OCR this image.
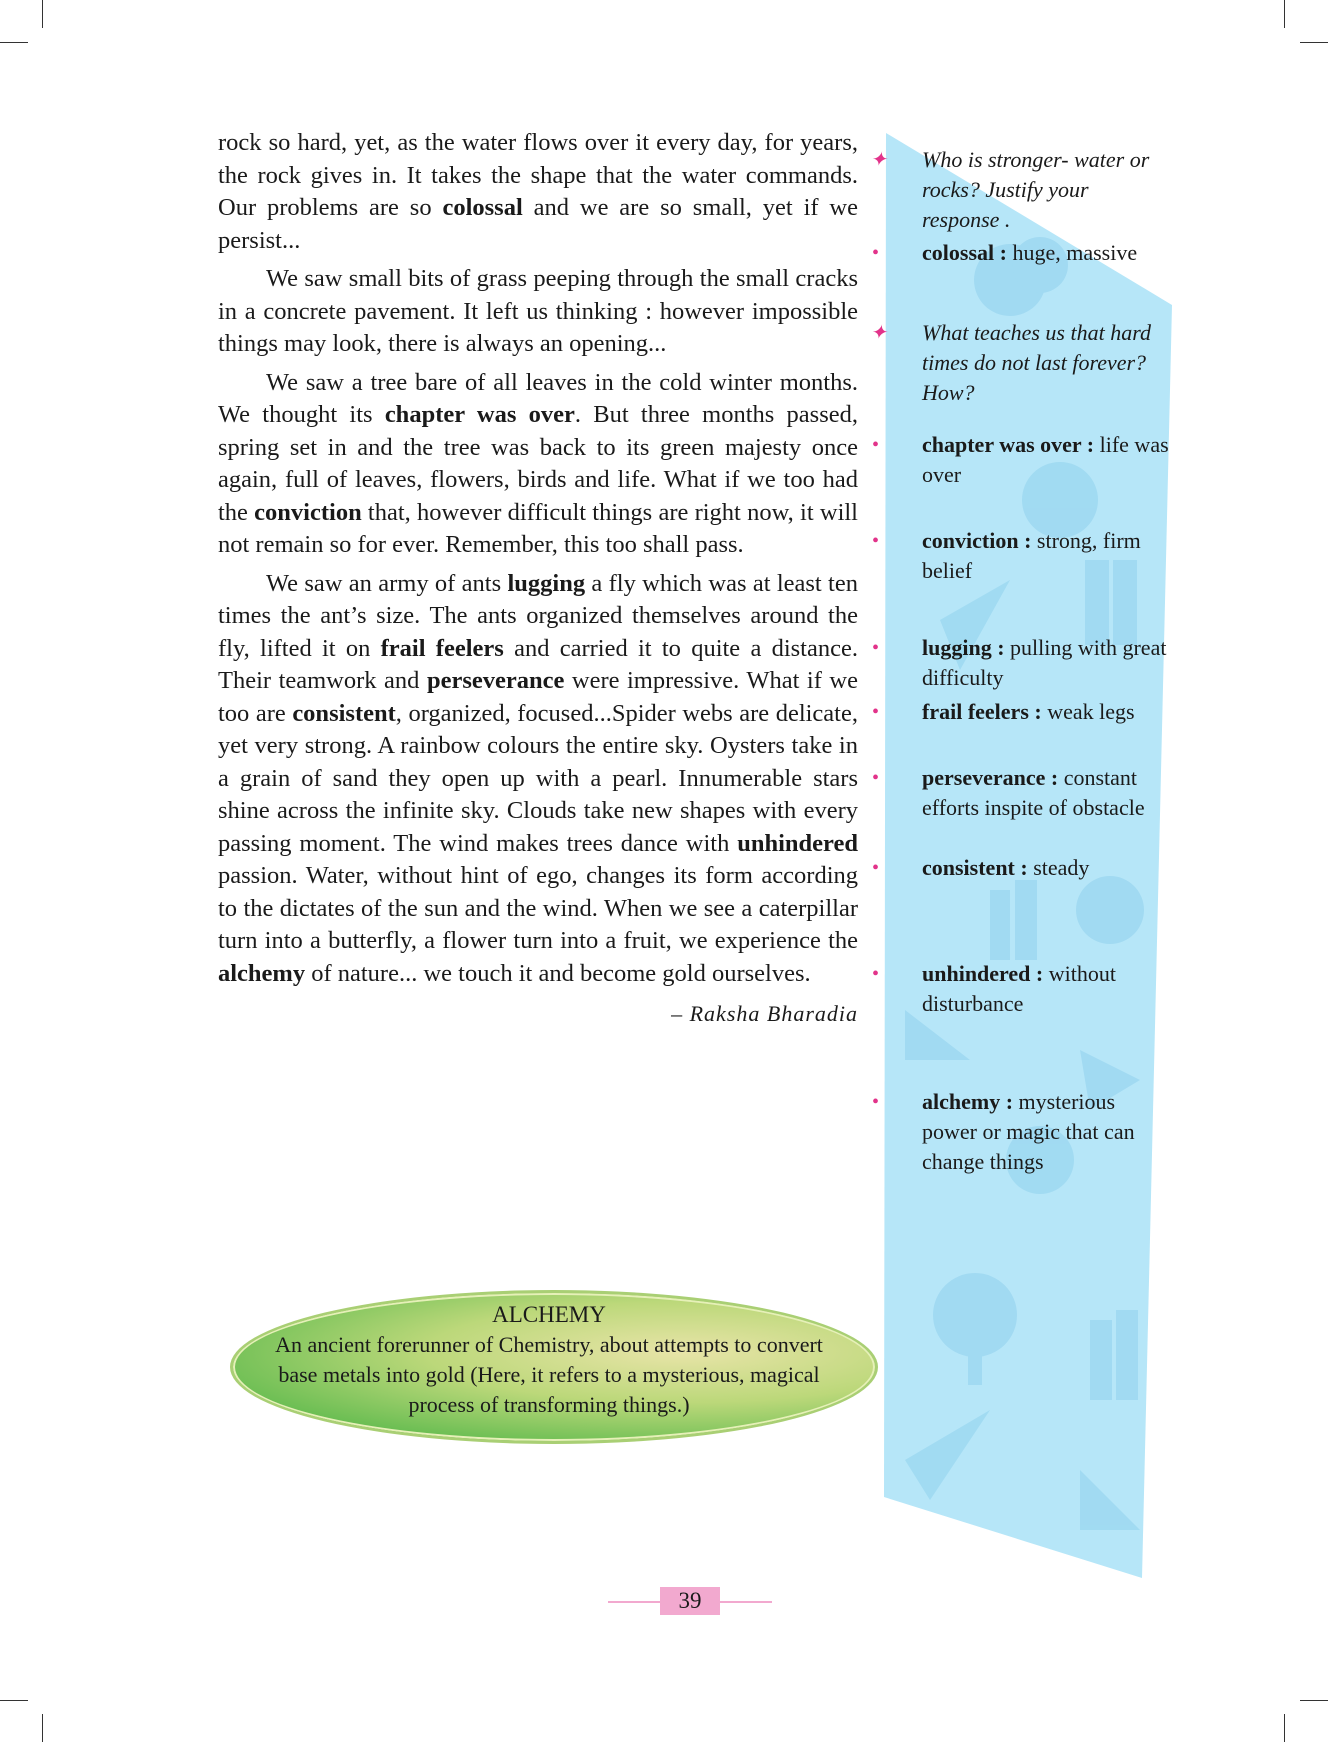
rock so hard, yet, as the water flows over it every day, for years, the rock gives in. It takes the shape that the water commands. Our problems are so colossal and we are so small, yet if we persist...

We saw small bits of grass peeping through the small cracks in a concrete pavement. It left us thinking : however impossible things may look, there is always an opening...

We saw a tree bare of all leaves in the cold winter months. We thought its chapter was over. But three months passed, spring set in and the tree was back to its green majesty once again, full of leaves, flowers, birds and life. What if we too had the conviction that, however difficult things are right now, it will not remain so for ever. Remember, this too shall pass.

We saw an army of ants lugging a fly which was at least ten times the ant’s size. The ants organized themselves around the fly, lifted it on frail feelers and carried it to quite a distance. Their teamwork and perseverance were impressive. What if we too are consistent, organized, focused...Spider webs are delicate, yet very strong. A rainbow colours the entire sky. Oysters take in a grain of sand they open up with a pearl. Innumerable stars shine across the infinite sky. Clouds take new shapes with every passing moment. The wind makes trees dance with unhindered passion. Water, without hint of ego, changes its form according to the dictates of the sun and the wind. When we see a caterpillar turn into a butterfly, a flower turn into a fruit, we experience the alchemy of nature... we touch it and become gold ourselves.

– Raksha Bharadia
✦ Who is stronger- water or rocks? Justify your response .
✦ What teaches us that hard times do not last forever? How?
• colossal : huge, massive
• chapter was over : life was over
• conviction : strong, firm belief
• lugging : pulling with great difficulty
• frail feelers : weak legs
• perseverance : constant efforts inspite of obstacle
• consistent : steady
• unhindered : without disturbance
• alchemy : mysterious power or magic that can change things
ALCHEMY
An ancient forerunner of Chemistry, about attempts to convert base metals into gold (Here, it refers to a mysterious, magical process of transforming things.)
39
